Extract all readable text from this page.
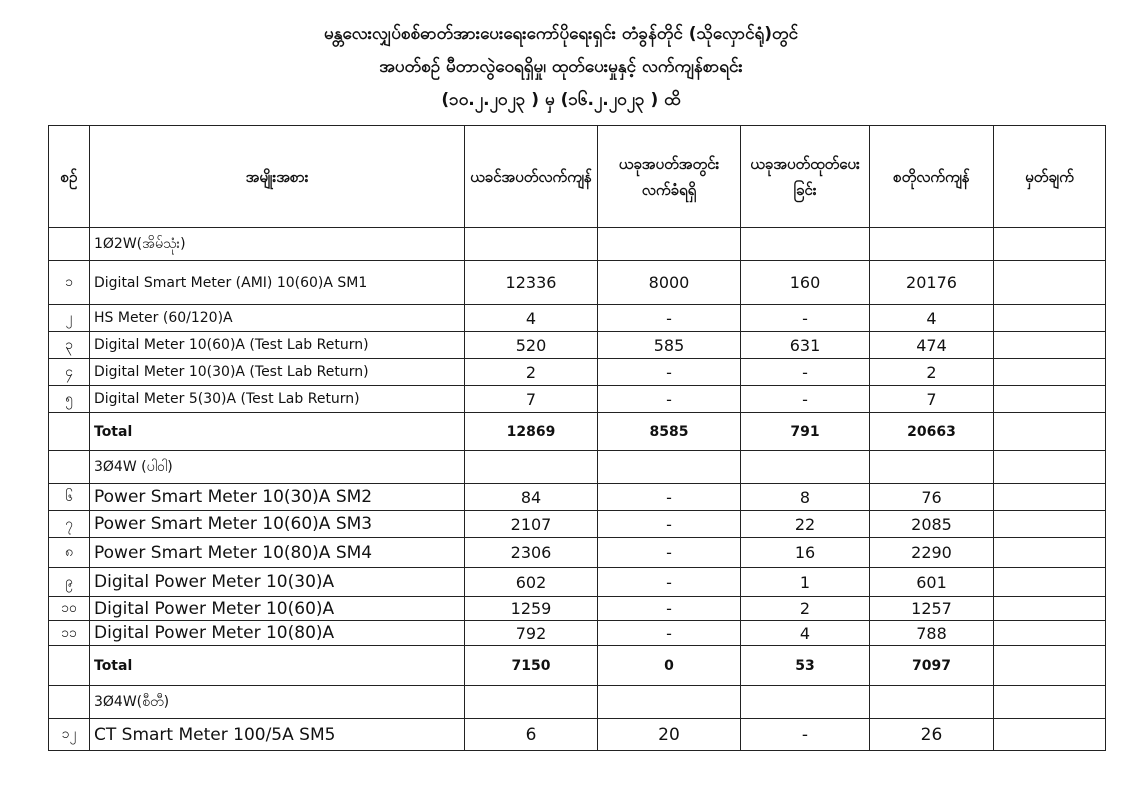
မန္တလေးလျှပ်စစ်ဓာတ်အားပေးရေးကော်ပိုရေးရှင်း တံခွန်တိုင် (သိုလှောင်ရုံ)တွင်
အပတ်စဉ် မီတာလွဲဝေရရှိမှု၊ ထုတ်ပေးမှုနှင့် လက်ကျန်စာရင်း
(၁၀.၂.၂၀၂၃ ) မှ (၁၆.၂.၂၀၂၃ ) ထိ
စဉ်	အမျိုးအစား	ယခင်အပတ်လက်ကျန်	ယခုအပတ်အတွင်းလက်ခံရရှိ	ယခုအပတ်ထုတ်ပေးခြင်း	စတိုလက်ကျန်	မှတ်ချက်
	1Ø2W(အိမ်သုံး)					
၁	Digital Smart Meter (AMI) 10(60)A SM1	12336	8000	160	20176	
၂	HS Meter (60/120)A	4	-	-	4	
၃	Digital Meter 10(60)A (Test Lab Return)	520	585	631	474	
၄	Digital Meter 10(30)A (Test Lab Return)	2	-	-	2	
၅	Digital Meter 5(30)A (Test Lab Return)	7	-	-	7	
	Total	12869	8585	791	20663	
	3Ø4W (ပါဝါ)					
၆	Power Smart Meter 10(30)A SM2	84	-	8	76	
၇	Power Smart Meter 10(60)A SM3	2107	-	22	2085	
၈	Power Smart Meter 10(80)A SM4	2306	-	16	2290	
၉	Digital Power Meter 10(30)A	602	-	1	601	
၁၀	Digital Power Meter 10(60)A	1259	-	2	1257	
၁၁	Digital Power Meter 10(80)A	792	-	4	788	
	Total	7150	0	53	7097	
	3Ø4W(စီတီ)					
၁၂	CT Smart Meter 100/5A SM5	6	20	-	26	
